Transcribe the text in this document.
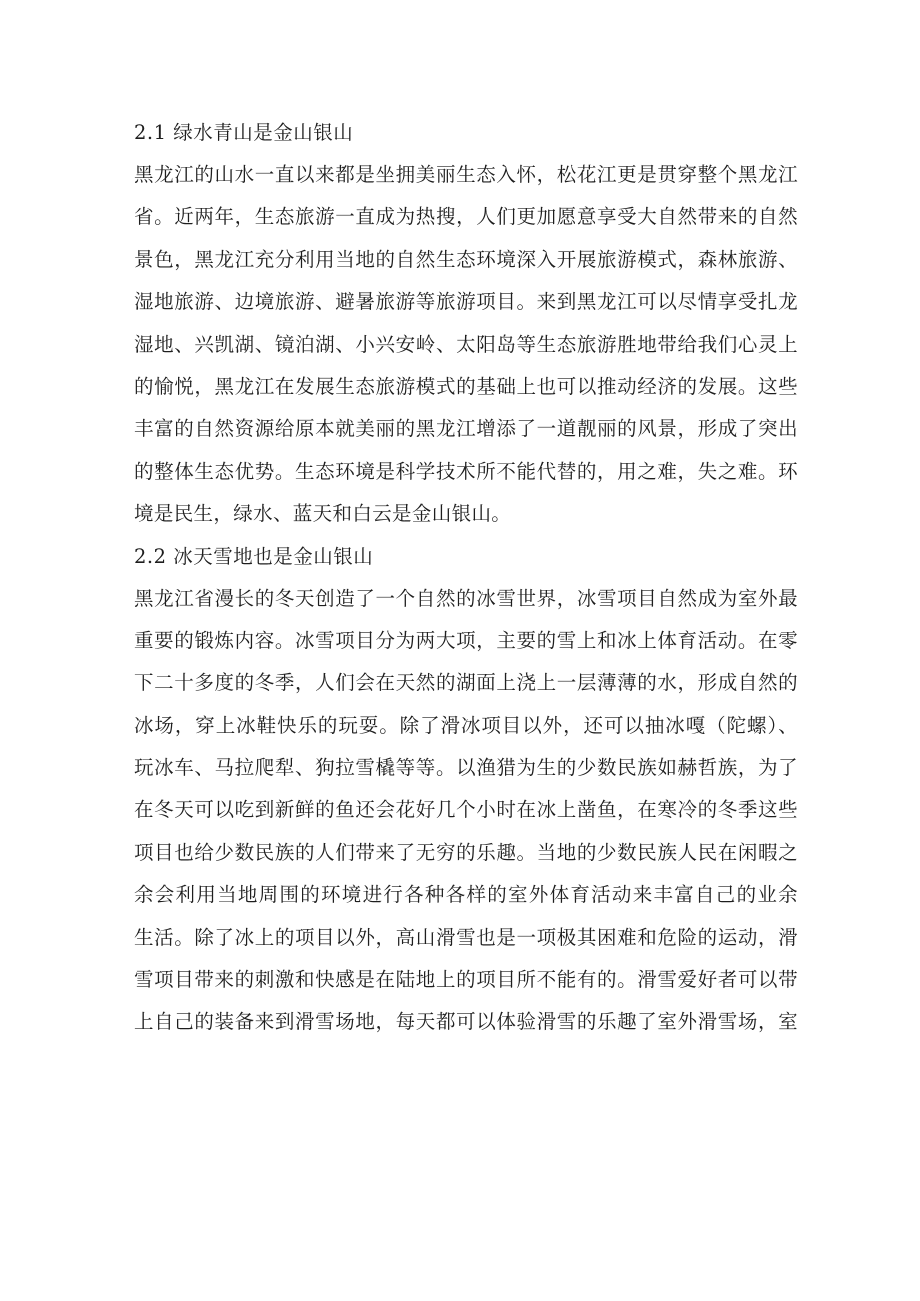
2.1 绿水青山是金山银山
黑龙江的山水一直以来都是坐拥美丽生态入怀，松花江更是贯穿整个黑龙江
省。近两年，生态旅游一直成为热搜，人们更加愿意享受大自然带来的自然
景色，黑龙江充分利用当地的自然生态环境深入开展旅游模式，森林旅游、
湿地旅游、边境旅游、避暑旅游等旅游项目。来到黑龙江可以尽情享受扎龙
湿地、兴凯湖、镜泊湖、小兴安岭、太阳岛等生态旅游胜地带给我们心灵上
的愉悦，黑龙江在发展生态旅游模式的基础上也可以推动经济的发展。这些
丰富的自然资源给原本就美丽的黑龙江增添了一道靓丽的风景，形成了突出
的整体生态优势。生态环境是科学技术所不能代替的，用之难，失之难。环
境是民生，绿水、蓝天和白云是金山银山。
2.2 冰天雪地也是金山银山
黑龙江省漫长的冬天创造了一个自然的冰雪世界，冰雪项目自然成为室外最
重要的锻炼内容。冰雪项目分为两大项，主要的雪上和冰上体育活动。在零
下二十多度的冬季，人们会在天然的湖面上浇上一层薄薄的水，形成自然的
冰场，穿上冰鞋快乐的玩耍。除了滑冰项目以外，还可以抽冰嘎（陀螺）、
玩冰车、马拉爬犁、狗拉雪橇等等。以渔猎为生的少数民族如赫哲族，为了
在冬天可以吃到新鲜的鱼还会花好几个小时在冰上凿鱼，在寒冷的冬季这些
项目也给少数民族的人们带来了无穷的乐趣。当地的少数民族人民在闲暇之
余会利用当地周围的环境进行各种各样的室外体育活动来丰富自己的业余
生活。除了冰上的项目以外，高山滑雪也是一项极其困难和危险的运动，滑
雪项目带来的刺激和快感是在陆地上的项目所不能有的。滑雪爱好者可以带
上自己的装备来到滑雪场地，每天都可以体验滑雪的乐趣了室外滑雪场，室
